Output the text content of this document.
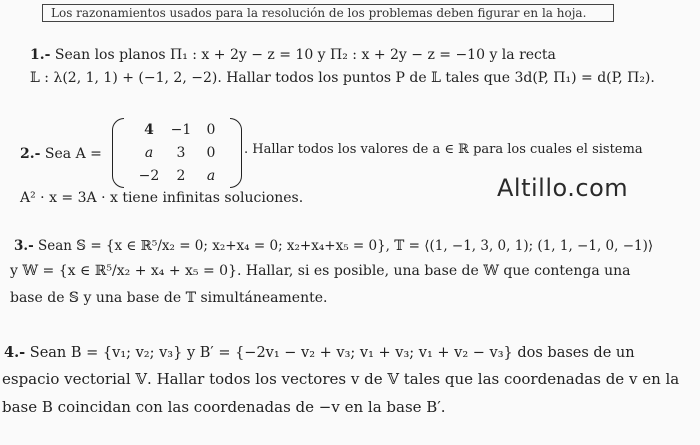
Los razonamientos usados para la resolución de los problemas deben figurar en la hoja.
Altillo.com
1.- Sean los planos Π₁ : x + 2y − z = 10 y Π₂ : x + 2y − z = −10 y la recta
𝕃 : λ(2, 1, 1) + (−1, 2, −2). Hallar todos los puntos P de 𝕃 tales que 3d(P, Π₁) = d(P, Π₂).
2.- Sea A =
4	−1	0
a	3	0
−2	2	a
. Hallar todos los valores de a ∈ ℝ para los cuales el sistema
A² · x = 3A · x tiene infinitas soluciones.
3.- Sean 𝕊 = {x ∈ ℝ⁵/x₂ = 0; x₂+x₄ = 0; x₂+x₄+x₅ = 0}, 𝕋 = ⟨(1, −1, 3, 0, 1); (1, 1, −1, 0, −1)⟩
y 𝕎 = {x ∈ ℝ⁵/x₂ + x₄ + x₅ = 0}. Hallar, si es posible, una base de 𝕎 que contenga una
base de 𝕊 y una base de 𝕋 simultáneamente.
4.- Sean B = {v₁; v₂; v₃} y B′ = {−2v₁ − v₂ + v₃; v₁ + v₃; v₁ + v₂ − v₃} dos bases de un
espacio vectorial 𝕍. Hallar todos los vectores v de 𝕍 tales que las coordenadas de v en la
base B coincidan con las coordenadas de −v en la base B′.
